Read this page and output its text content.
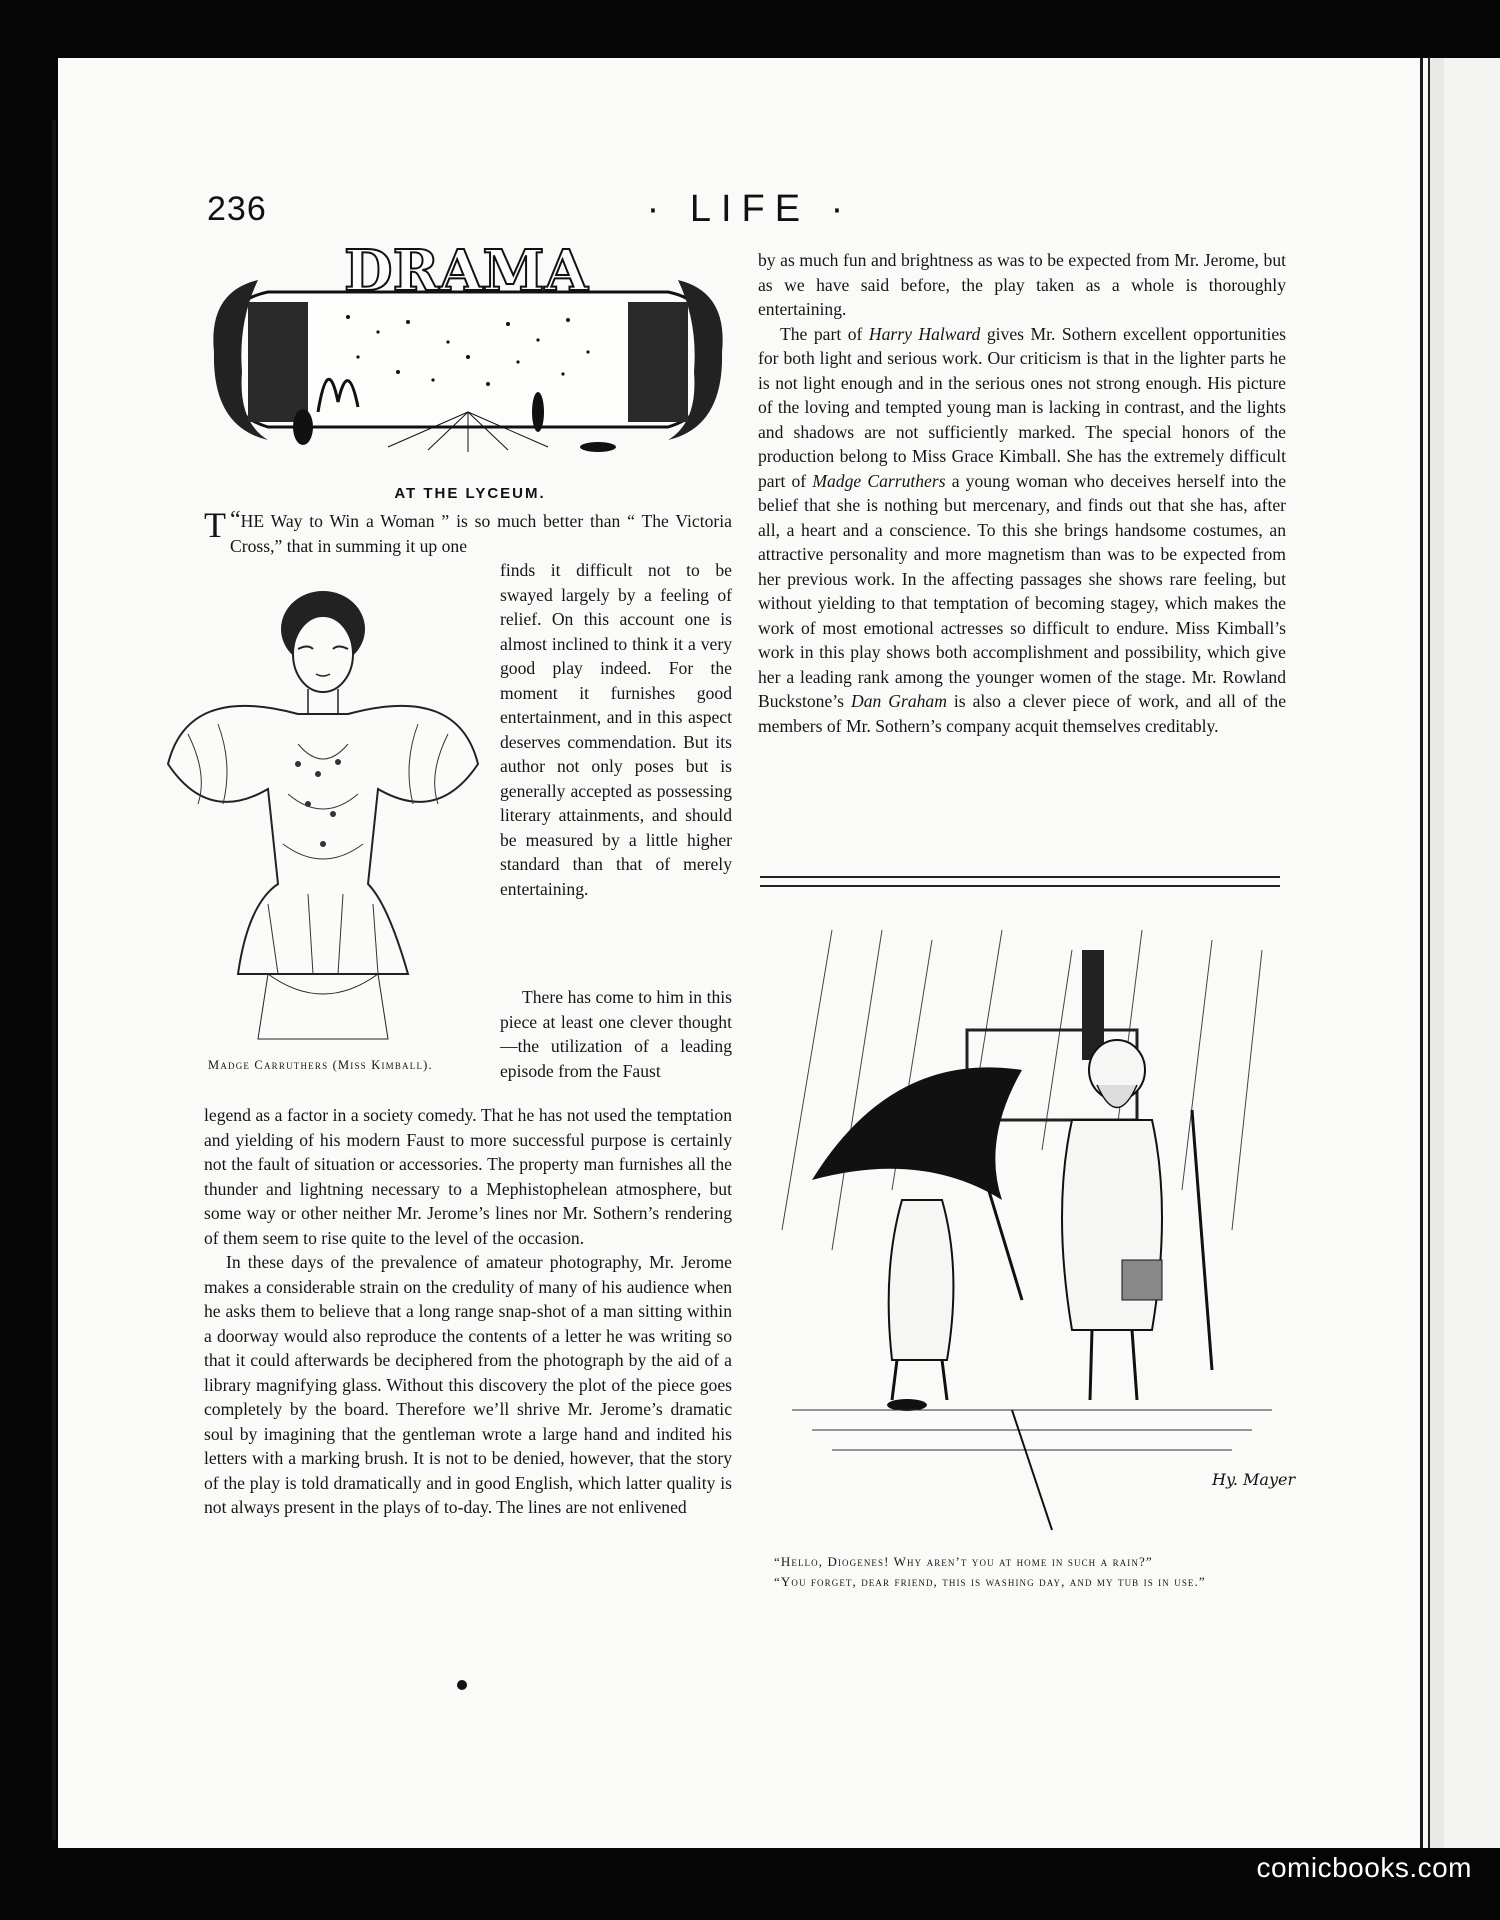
236	· LIFE ·
DRAMA
AT THE LYCEUM.
“
T HE Way to Win a Woman ” is so much better than “ The Victoria Cross,” that in summing it up one
finds it difficult not to be swayed largely by a feeling of relief. On this account one is almost inclined to think it a very good play indeed. For the moment it furnishes good entertainment, and in this aspect deserves commendation. But its author not only poses but is generally accepted as possessing literary attainments, and should be measured by a little higher standard than that of merely entertaining.

There has come to him in this piece at least one clever thought—the utilization of a leading episode from the Faust

Madge Carruthers (Miss Kimball).
legend as a factor in a society comedy. That he has not used the temptation and yielding of his modern Faust to more successful purpose is certainly not the fault of situation or accessories. The property man furnishes all the thunder and lightning necessary to a Mephistophelean atmosphere, but some way or other neither Mr. Jerome’s lines nor Mr. Sothern’s rendering of them seem to rise quite to the level of the occasion.

In these days of the prevalence of amateur photography, Mr. Jerome makes a considerable strain on the credulity of many of his audience when he asks them to believe that a long range snap-shot of a man sitting within a doorway would also reproduce the contents of a letter he was writing so that it could afterwards be deciphered from the photograph by the aid of a library magnifying glass. Without this discovery the plot of the piece goes completely by the board. Therefore we’ll shrive Mr. Jerome’s dramatic soul by imagining that the gentleman wrote a large hand and indited his letters with a marking brush. It is not to be denied, however, that the story of the play is told dramatically and in good English, which latter quality is not always present in the plays of to-day. The lines are not enlivened

by as much fun and brightness as was to be expected from Mr. Jerome, but as we have said before, the play taken as a whole is thoroughly entertaining.

The part of Harry Halward gives Mr. Sothern excellent opportunities for both light and serious work. Our criticism is that in the lighter parts he is not light enough and in the serious ones not strong enough. His picture of the loving and tempted young man is lacking in contrast, and the lights and shadows are not sufficiently marked. The special honors of the production belong to Miss Grace Kimball. She has the extremely difficult part of Madge Carruthers a young woman who deceives herself into the belief that she is nothing but mercenary, and finds out that she has, after all, a heart and a conscience. To this she brings handsome costumes, an attractive personality and more magnetism than was to be expected from her previous work. In the affecting passages she shows rare feeling, but without yielding to that temptation of becoming stagey, which makes the work of most emotional actresses so difficult to endure. Miss Kimball’s work in this play shows both accomplishment and possibility, which give her a leading rank among the younger women of the stage. Mr. Rowland Buckstone’s Dan Graham is also a clever piece of work, and all of the members of Mr. Sothern’s company acquit themselves creditably.

Hy. Mayer
“Hello, Diogenes! Why aren’t you at home in such a rain?”
“You forget, dear friend, this is washing day, and my tub is in use.”
comicbooks.com
